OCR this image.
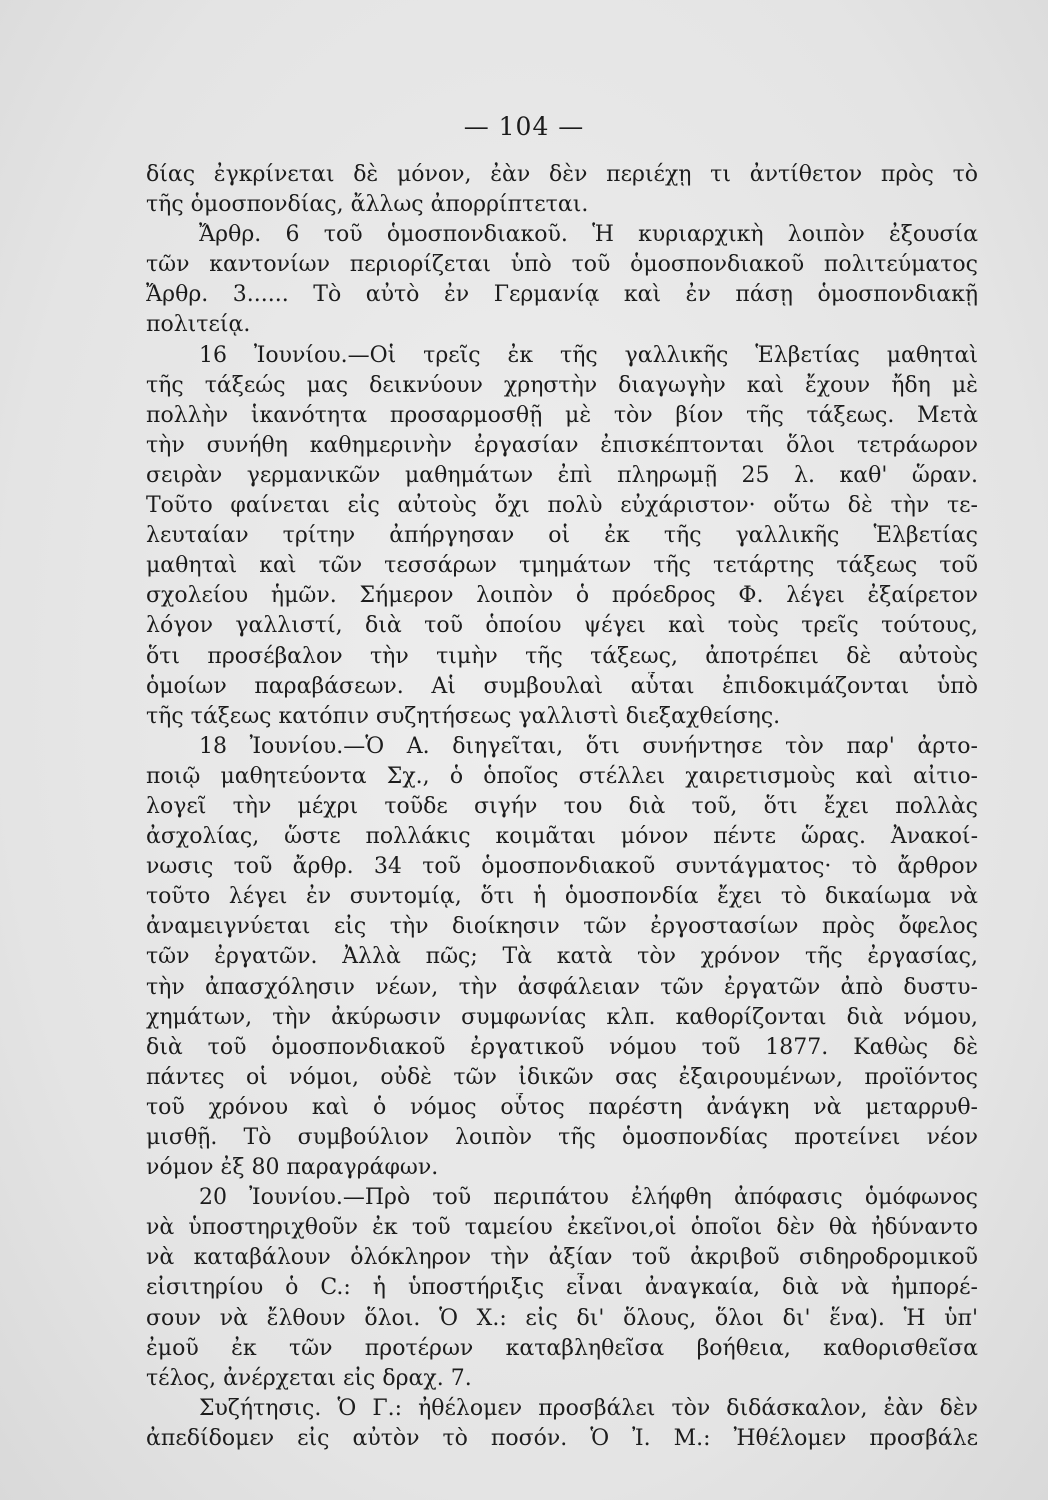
— 104 —
δίας ἐγκρίνεται δὲ μόνον, ἐὰν δὲν περιέχῃ τι ἀντίθετον πρὸς τὸ
τῆς ὁμοσπονδίας, ἄλλως ἀπορρίπτεται.
Ἄρθρ. 6 τοῦ ὁμοσπονδιακοῦ. Ἡ κυριαρχικὴ λοιπὸν ἐξουσία
τῶν καντονίων περιορίζεται ὑπὸ τοῦ ὁμοσπονδιακοῦ πολιτεύματος
Ἄρθρ. 3...... Τὸ αὐτὸ ἐν Γερμανίᾳ καὶ ἐν πάσῃ ὁμοσπονδιακῇ
πολιτείᾳ.
16 Ἰουνίου.—Οἱ τρεῖς ἐκ τῆς γαλλικῆς Ἑλβετίας μαθηταὶ
τῆς τάξεώς μας δεικνύουν χρηστὴν διαγωγὴν καὶ ἔχουν ἤδη μὲ
πολλὴν ἱκανότητα προσαρμοσθῇ μὲ τὸν βίον τῆς τάξεως. Μετὰ
τὴν συνήθη καθημερινὴν ἐργασίαν ἐπισκέπτονται ὅλοι τετράωρον
σειρὰν γερμανικῶν μαθημάτων ἐπὶ πληρωμῇ 25 λ. καθ' ὥραν.
Τοῦτο φαίνεται εἰς αὐτοὺς ὄχι πολὺ εὐχάριστον· οὕτω δὲ τὴν τε-
λευταίαν τρίτην ἀπήργησαν οἱ ἐκ τῆς γαλλικῆς Ἑλβετίας
μαθηταὶ καὶ τῶν τεσσάρων τμημάτων τῆς τετάρτης τάξεως τοῦ
σχολείου ἡμῶν. Σήμερον λοιπὸν ὁ πρόεδρος Φ. λέγει ἐξαίρετον
λόγον γαλλιστί, διὰ τοῦ ὁποίου ψέγει καὶ τοὺς τρεῖς τούτους,
ὅτι προσέβαλον τὴν τιμὴν τῆς τάξεως, ἀποτρέπει δὲ αὐτοὺς
ὁμοίων παραβάσεων. Αἱ συμβουλαὶ αὗται ἐπιδοκιμάζονται ὑπὸ
τῆς τάξεως κατόπιν συζητήσεως γαλλιστὶ διεξαχθείσης.
18 Ἰουνίου.—Ὁ Α. διηγεῖται, ὅτι συνήντησε τὸν παρ' ἀρτο-
ποιῷ μαθητεύοντα Σχ., ὁ ὁποῖος στέλλει χαιρετισμοὺς καὶ αἰτιο-
λογεῖ τὴν μέχρι τοῦδε σιγήν του διὰ τοῦ, ὅτι ἔχει πολλὰς
ἀσχολίας, ὥστε πολλάκις κοιμᾶται μόνον πέντε ὥρας. Ἀνακοί-
νωσις τοῦ ἄρθρ. 34 τοῦ ὁμοσπονδιακοῦ συντάγματος· τὸ ἄρθρον
τοῦτο λέγει ἐν συντομίᾳ, ὅτι ἡ ὁμοσπονδία ἔχει τὸ δικαίωμα νὰ
ἀναμειγνύεται εἰς τὴν διοίκησιν τῶν ἐργοστασίων πρὸς ὄφελος
τῶν ἐργατῶν. Ἀλλὰ πῶς; Τὰ κατὰ τὸν χρόνον τῆς ἐργασίας,
τὴν ἀπασχόλησιν νέων, τὴν ἀσφάλειαν τῶν ἐργατῶν ἀπὸ δυστυ-
χημάτων, τὴν ἀκύρωσιν συμφωνίας κλπ. καθορίζονται διὰ νόμου,
διὰ τοῦ ὁμοσπονδιακοῦ ἐργατικοῦ νόμου τοῦ 1877. Καθὼς δὲ
πάντες οἱ νόμοι, οὐδὲ τῶν ἰδικῶν σας ἐξαιρουμένων, προϊόντος
τοῦ χρόνου καὶ ὁ νόμος οὗτος παρέστη ἀνάγκη νὰ μεταρρυθ-
μισθῇ. Τὸ συμβούλιον λοιπὸν τῆς ὁμοσπονδίας προτείνει νέον
νόμον ἐξ 80 παραγράφων.
20 Ἰουνίου.—Πρὸ τοῦ περιπάτου ἐλήφθη ἀπόφασις ὁμόφωνος
νὰ ὑποστηριχθοῦν ἐκ τοῦ ταμείου ἐκεῖνοι,οἱ ὁποῖοι δὲν θὰ ἠδύναντο
νὰ καταβάλουν ὁλόκληρον τὴν ἀξίαν τοῦ ἀκριβοῦ σιδηροδρομικοῦ
εἰσιτηρίου ὁ C.: ἡ ὑποστήριξις εἶναι ἀναγκαία, διὰ νὰ ἠμπορέ-
σουν νὰ ἔλθουν ὅλοι. Ὁ Χ.: εἰς δι' ὅλους, ὅλοι δι' ἕνα). Ἡ ὑπ'
ἐμοῦ ἐκ τῶν προτέρων καταβληθεῖσα βοήθεια, καθορισθεῖσα
τέλος, ἀνέρχεται εἰς δραχ. 7.
Συζήτησις. Ὁ Γ.: ἠθέλομεν προσβάλει τὸν διδάσκαλον, ἐὰν δὲν
ἀπεδίδομεν εἰς αὐτὸν τὸ ποσόν. Ὁ Ἰ. Μ.: Ἠθέλομεν προσβάλε
